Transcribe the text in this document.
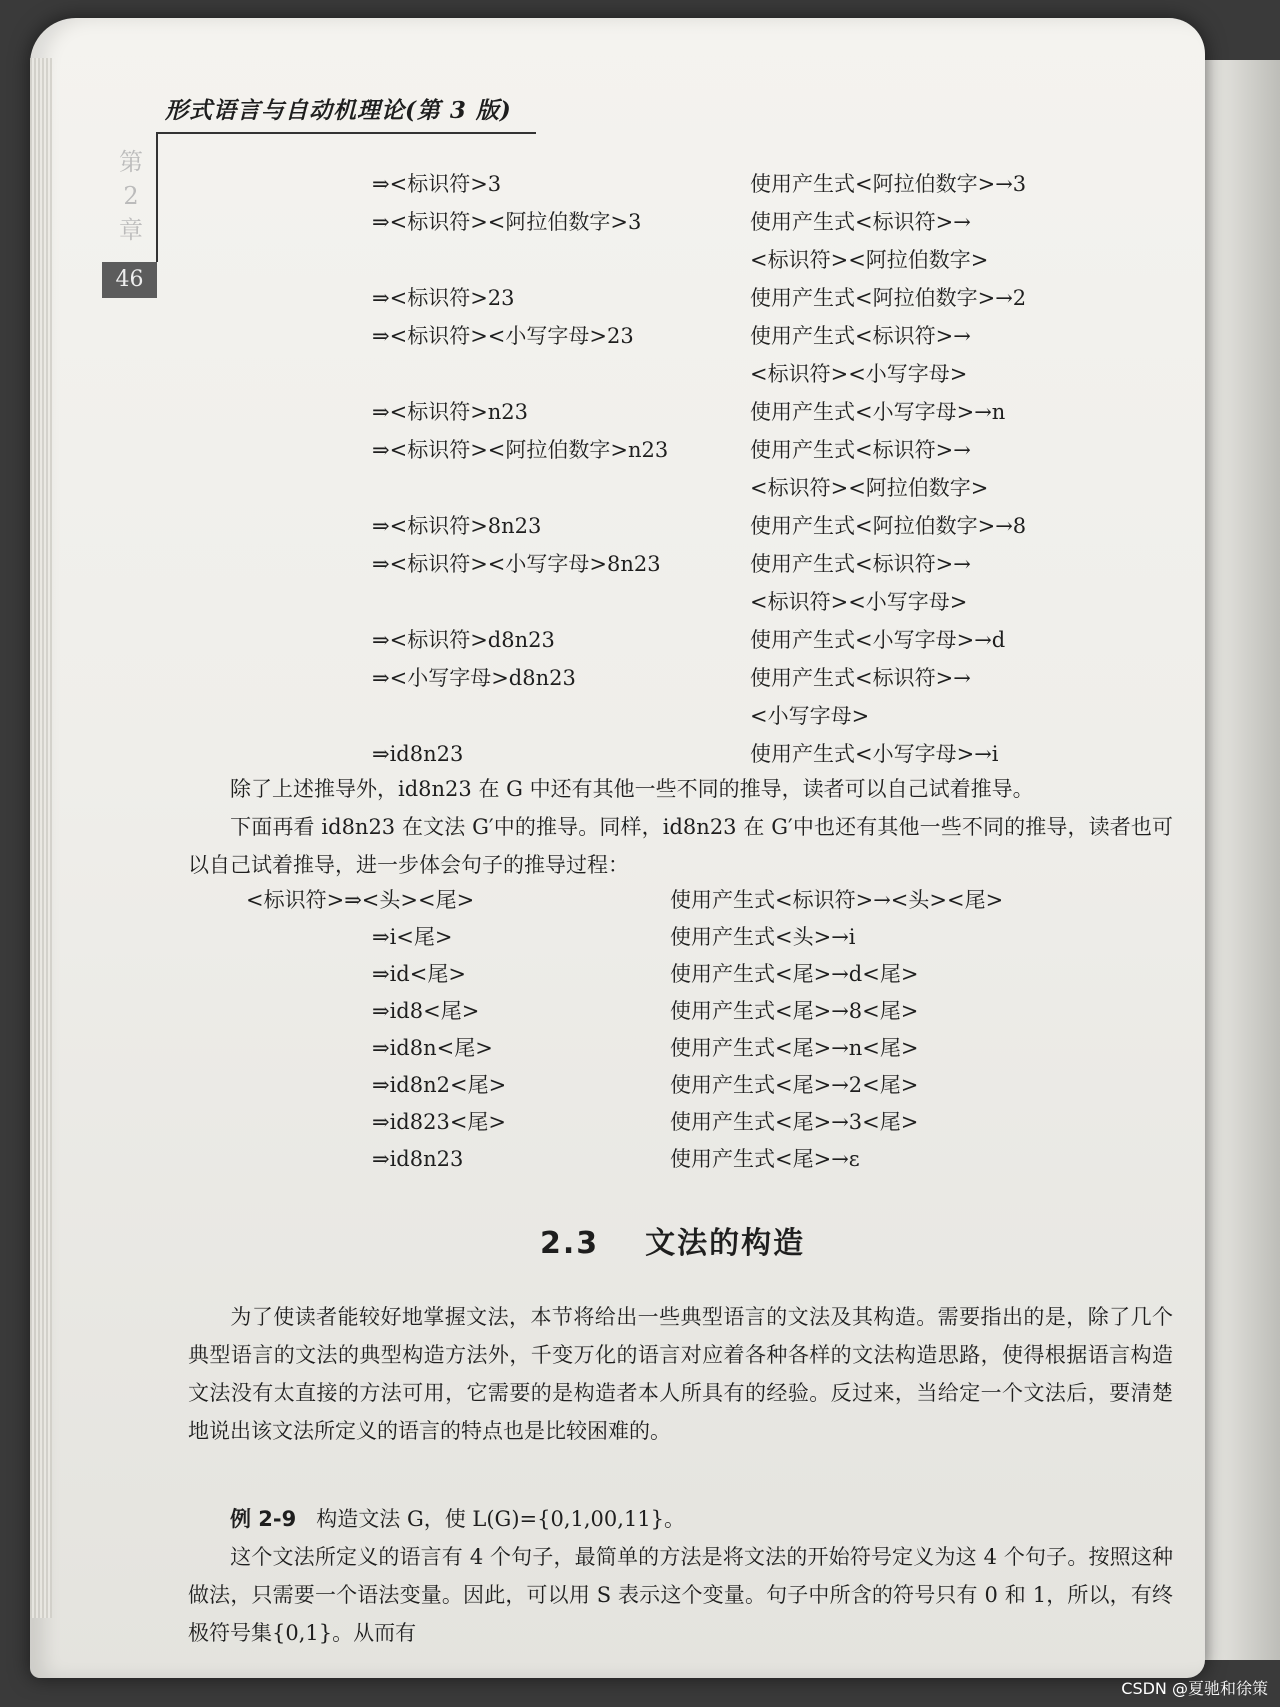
形式语言与自动机理论(第 3 版)
第 2 章
46
⇒<标识符>3	使用产生式<阿拉伯数字>→3
⇒<标识符><阿拉伯数字>3	使用产生式<标识符>→
<标识符><阿拉伯数字>
⇒<标识符>23	使用产生式<阿拉伯数字>→2
⇒<标识符><小写字母>23	使用产生式<标识符>→
<标识符><小写字母>
⇒<标识符>n23	使用产生式<小写字母>→n
⇒<标识符><阿拉伯数字>n23	使用产生式<标识符>→
<标识符><阿拉伯数字>
⇒<标识符>8n23	使用产生式<阿拉伯数字>→8
⇒<标识符><小写字母>8n23	使用产生式<标识符>→
<标识符><小写字母>
⇒<标识符>d8n23	使用产生式<小写字母>→d
⇒<小写字母>d8n23	使用产生式<标识符>→
<小写字母>
⇒id8n23	使用产生式<小写字母>→i
除了上述推导外，id8n23 在 G 中还有其他一些不同的推导，读者可以自己试着推导。
下面再看 id8n23 在文法 G′中的推导。同样，id8n23 在 G′中也还有其他一些不同的推导，读者也可以自己试着推导，进一步体会句子的推导过程：
<标识符>⇒<头><尾>	使用产生式<标识符>→<头><尾>
⇒i<尾>	使用产生式<头>→i
⇒id<尾>	使用产生式<尾>→d<尾>
⇒id8<尾>	使用产生式<尾>→8<尾>
⇒id8n<尾>	使用产生式<尾>→n<尾>
⇒id8n2<尾>	使用产生式<尾>→2<尾>
⇒id823<尾>	使用产生式<尾>→3<尾>
⇒id8n23	使用产生式<尾>→ε
2.3 文法的构造
为了使读者能较好地掌握文法，本节将给出一些典型语言的文法及其构造。需要指出的是，除了几个典型语言的文法的典型构造方法外，千变万化的语言对应着各种各样的文法构造思路，使得根据语言构造文法没有太直接的方法可用，它需要的是构造者本人所具有的经验。反过来，当给定一个文法后，要清楚地说出该文法所定义的语言的特点也是比较困难的。
例 2-9 构造文法 G，使 L(G)={0,1,00,11}。
这个文法所定义的语言有 4 个句子，最简单的方法是将文法的开始符号定义为这 4 个句子。按照这种做法，只需要一个语法变量。因此，可以用 S 表示这个变量。句子中所含的符号只有 0 和 1，所以，有终极符号集{0,1}。从而有
CSDN @夏驰和徐策
